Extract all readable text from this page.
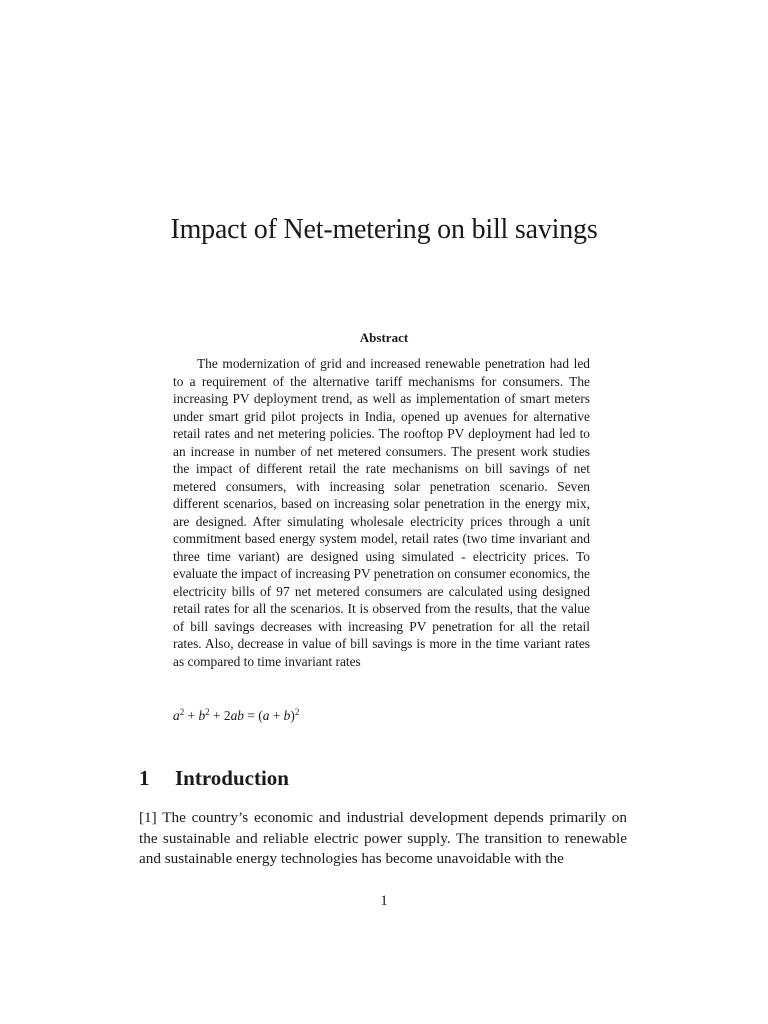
Impact of Net-metering on bill savings
Abstract

The modernization of grid and increased renewable penetration had led to a requirement of the alternative tariff mechanisms for consumers. The increasing PV deployment trend, as well as implementation of smart meters under smart grid pilot projects in India, opened up avenues for alternative retail rates and net metering policies. The rooftop PV deployment had led to an increase in number of net metered consumers. The present work studies the impact of different retail the rate mechanisms on bill savings of net metered consumers, with increasing solar penetration scenario. Seven different scenarios, based on increasing solar penetration in the energy mix, are designed. After simulating wholesale electricity prices through a unit commitment based energy system model, retail rates (two time invariant and three time variant) are designed using simulated - electricity prices. To evaluate the impact of increasing PV penetration on consumer economics, the electricity bills of 97 net metered consumers are calculated using designed retail rates for all the scenarios. It is observed from the results, that the value of bill savings decreases with increasing PV penetration for all the retail rates. Also, decrease in value of bill savings is more in the time variant rates as compared to time invariant rates

$a^2 + b^2 + 2ab = (a + b)^2$

1 Introduction

[1] The country’s economic and industrial development depends primarily on the sustainable and reliable electric power supply. The transition to renewable and sustainable energy technologies has become unavoidable with the

1
